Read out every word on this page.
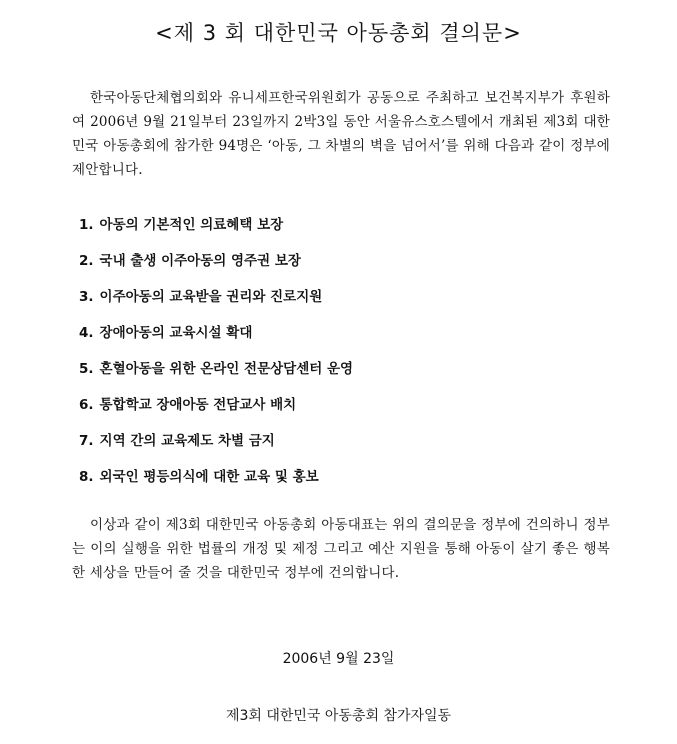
<제 3 회 대한민국 아동총회 결의문>
한국아동단체협의회와 유니세프한국위원회가 공동으로 주최하고 보건복지부가 후원하여 2006년 9월 21일부터 23일까지 2박3일 동안 서울유스호스텔에서 개최된 제3회 대한민국 아동총회에 참가한 94명은 ‘아동, 그 차별의 벽을 넘어서’를 위해 다음과 같이 정부에 제안합니다.
1. 아동의 기본적인 의료혜택 보장
2. 국내 출생 이주아동의 영주권 보장
3. 이주아동의 교육받을 권리와 진로지원
4. 장애아동의 교육시설 확대
5. 혼혈아동을 위한 온라인 전문상담센터 운영
6. 통합학교 장애아동 전담교사 배치
7. 지역 간의 교육제도 차별 금지
8. 외국인 평등의식에 대한 교육 및 홍보
이상과 같이 제3회 대한민국 아동총회 아동대표는 위의 결의문을 정부에 건의하니 정부는 이의 실행을 위한 법률의 개정 및 제정 그리고 예산 지원을 통해 아동이 살기 좋은 행복한 세상을 만들어 줄 것을 대한민국 정부에 건의합니다.
2006년 9월 23일
제3회 대한민국 아동총회 참가자일동
